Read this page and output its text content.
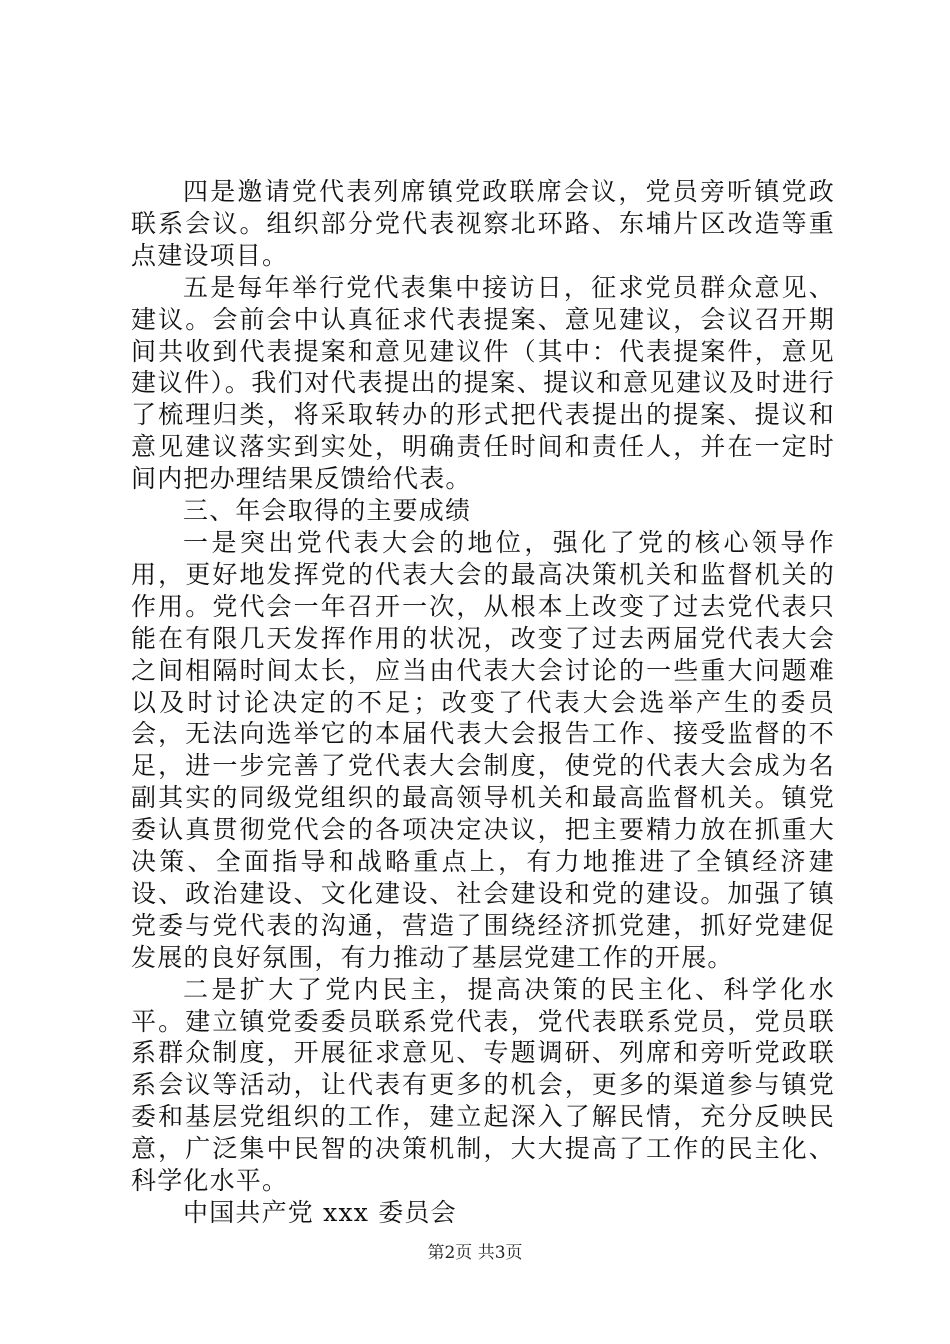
四是邀请党代表列席镇党政联席会议，党员旁听镇党政联系会议。组织部分党代表视察北环路、东埔片区改造等重点建设项目。

五是每年举行党代表集中接访日，征求党员群众意见、建议。会前会中认真征求代表提案、意见建议，会议召开期间共收到代表提案和意见建议件（其中：代表提案件，意见建议件）。我们对代表提出的提案、提议和意见建议及时进行了梳理归类，将采取转办的形式把代表提出的提案、提议和意见建议落实到实处，明确责任时间和责任人，并在一定时间内把办理结果反馈给代表。

三、年会取得的主要成绩

一是突出党代表大会的地位，强化了党的核心领导作用，更好地发挥党的代表大会的最高决策机关和监督机关的作用。党代会一年召开一次，从根本上改变了过去党代表只能在有限几天发挥作用的状况，改变了过去两届党代表大会之间相隔时间太长，应当由代表大会讨论的一些重大问题难以及时讨论决定的不足；改变了代表大会选举产生的委员会，无法向选举它的本届代表大会报告工作、接受监督的不足，进一步完善了党代表大会制度，使党的代表大会成为名副其实的同级党组织的最高领导机关和最高监督机关。镇党委认真贯彻党代会的各项决定决议，把主要精力放在抓重大决策、全面指导和战略重点上，有力地推进了全镇经济建设、政治建设、文化建设、社会建设和党的建设。加强了镇党委与党代表的沟通，营造了围绕经济抓党建，抓好党建促发展的良好氛围，有力推动了基层党建工作的开展。

二是扩大了党内民主，提高决策的民主化、科学化水平。建立镇党委委员联系党代表，党代表联系党员，党员联系群众制度，开展征求意见、专题调研、列席和旁听党政联系会议等活动，让代表有更多的机会，更多的渠道参与镇党委和基层党组织的工作，建立起深入了解民情，充分反映民意，广泛集中民智的决策机制，大大提高了工作的民主化、科学化水平。

中国共产党 xxx 委员会

第2页 共3页
